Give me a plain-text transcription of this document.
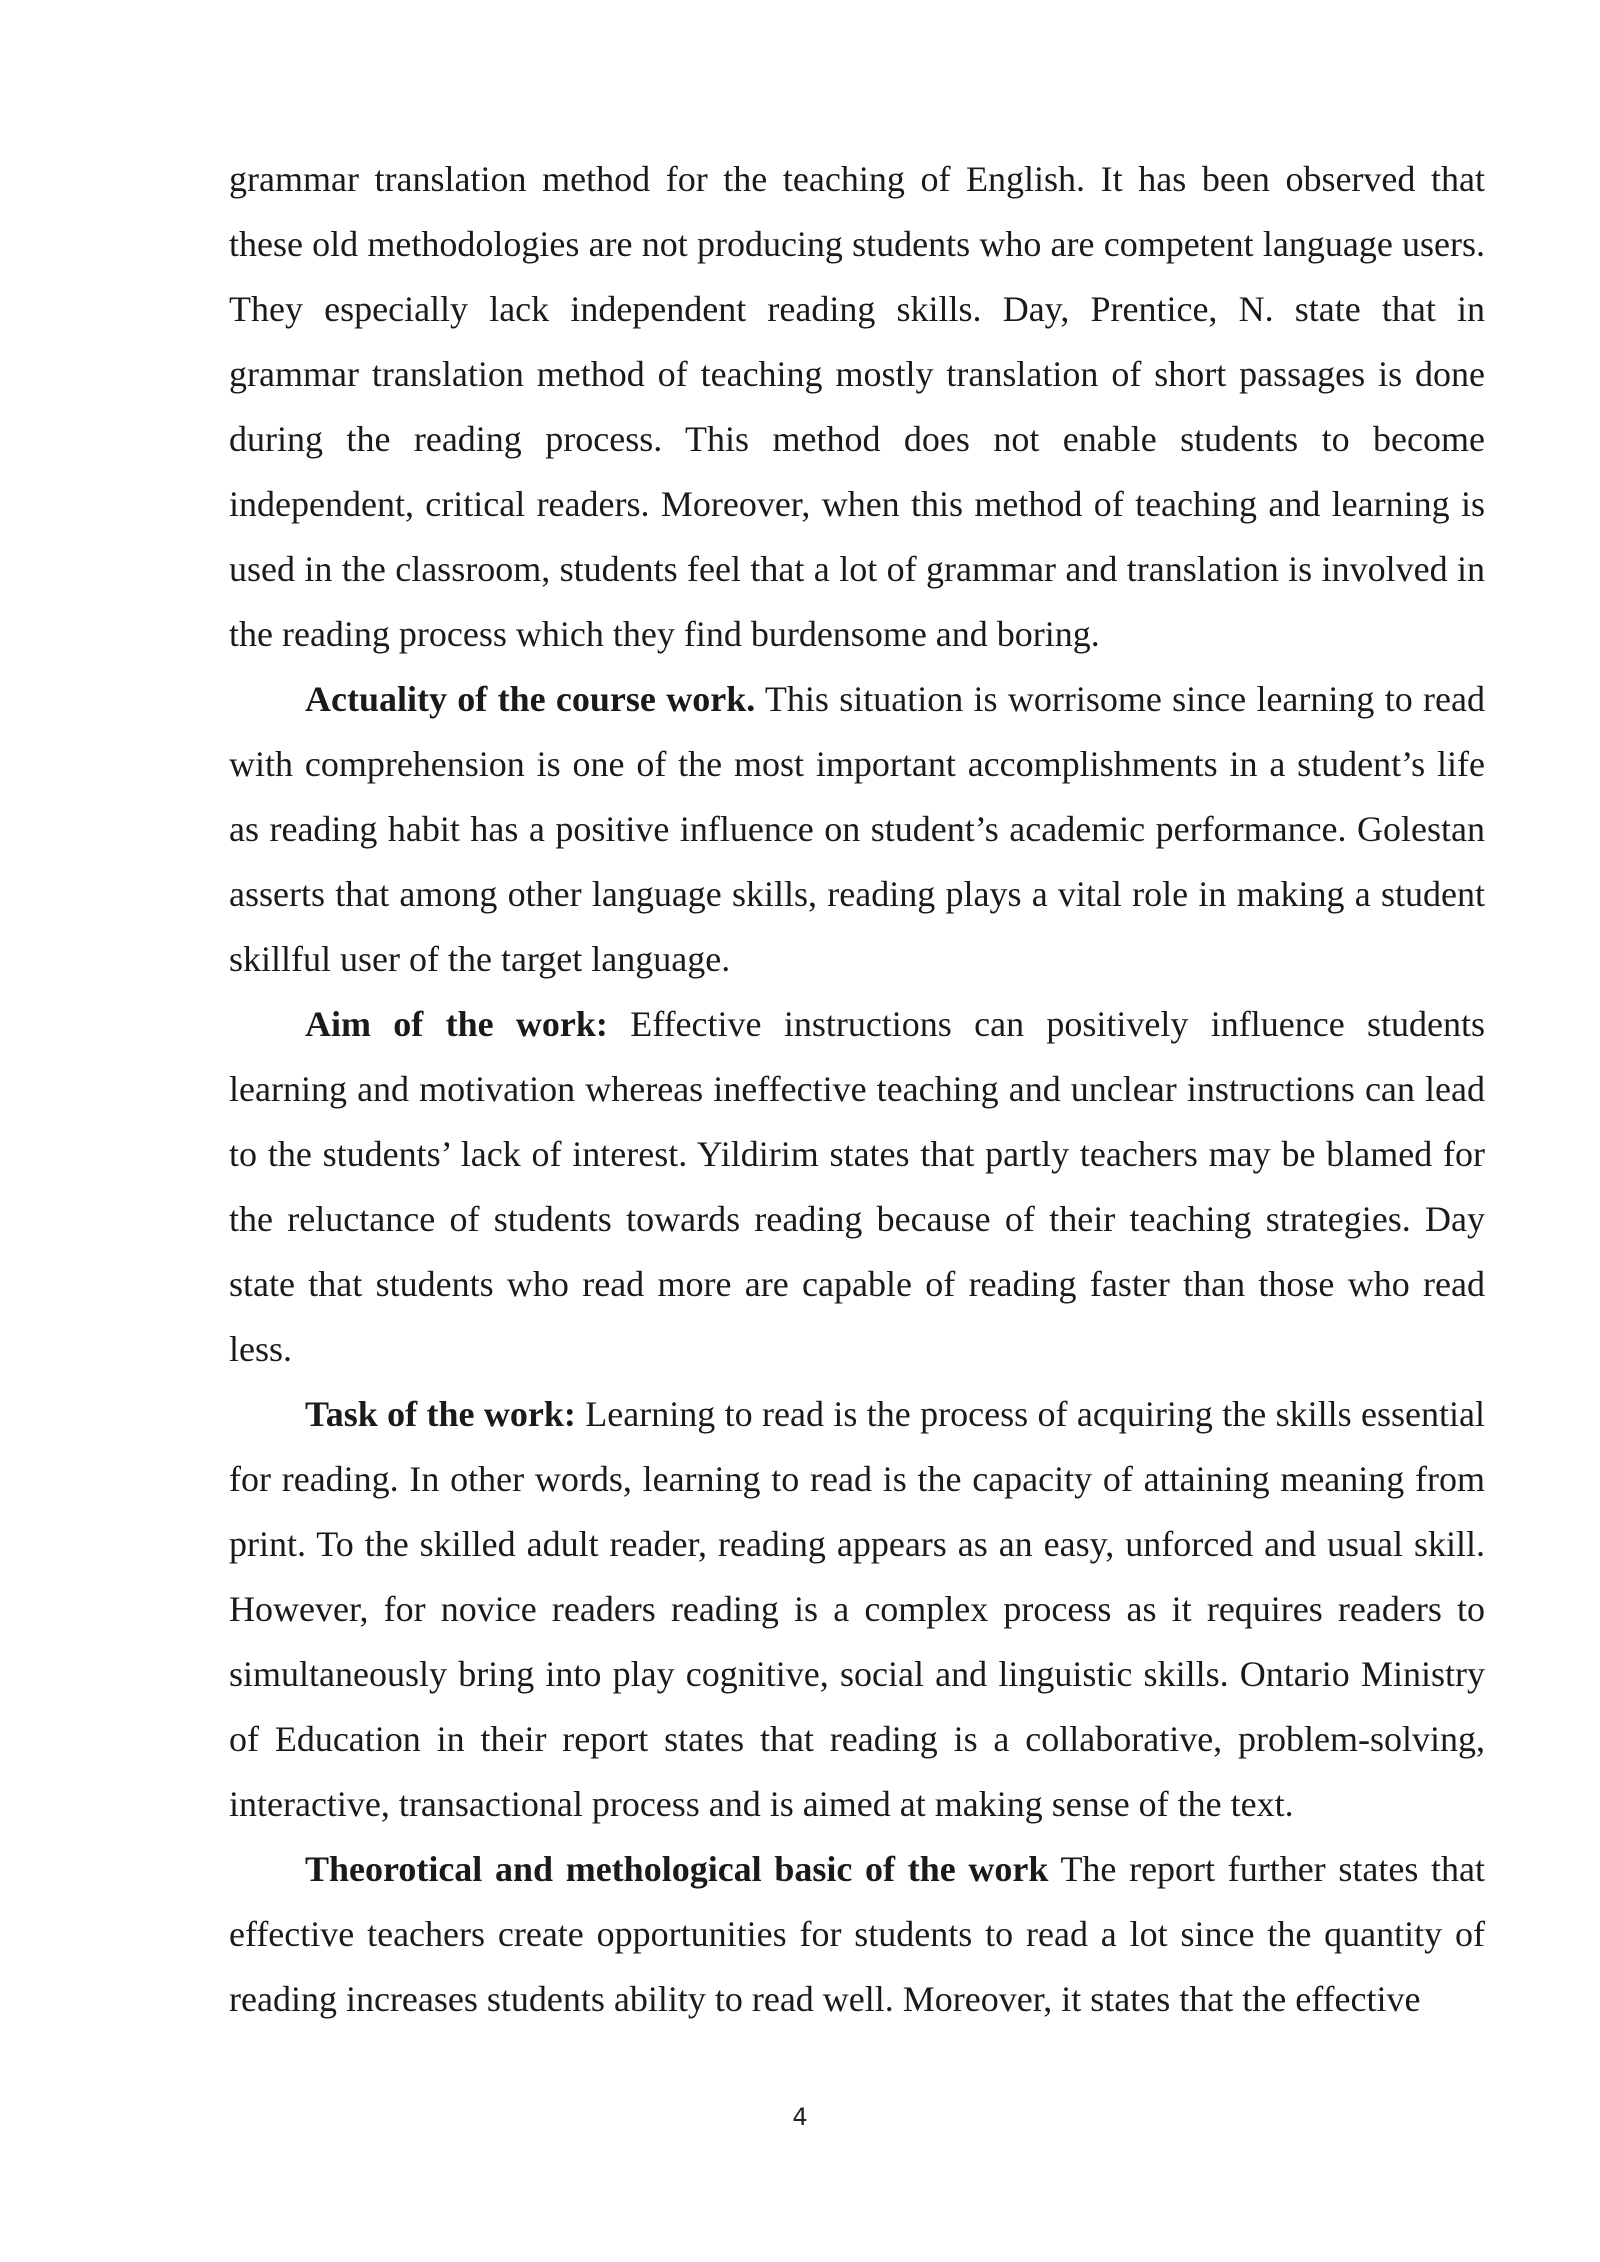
grammar translation method for the teaching of English. It has been observed that these old methodologies are not producing students who are competent language users. They especially lack independent reading skills. Day, Prentice, N. state that in grammar translation method of teaching mostly translation of short passages is done during the reading process. This method does not enable students to become independent, critical readers. Moreover, when this method of teaching and learning is used in the classroom, students feel that a lot of grammar and translation is involved in the reading process which they find burdensome and boring.

Actuality of the course work. This situation is worrisome since learning to read with comprehension is one of the most important accomplishments in a student’s life as reading habit has a positive influence on student’s academic performance. Golestan asserts that among other language skills, reading plays a vital role in making a student skillful user of the target language.

Aim of the work: Effective instructions can positively influence students learning and motivation whereas ineffective teaching and unclear instructions can lead to the students’ lack of interest. Yildirim states that partly teachers may be blamed for the reluctance of students towards reading because of their teaching strategies. Day state that students who read more are capable of reading faster than those who read less.

Task of the work: Learning to read is the process of acquiring the skills essential for reading. In other words, learning to read is the capacity of attaining meaning from print. To the skilled adult reader, reading appears as an easy, unforced and usual skill. However, for novice readers reading is a complex process as it requires readers to simultaneously bring into play cognitive, social and linguistic skills. Ontario Ministry of Education in their report states that reading is a collaborative, problem-solving, interactive, transactional process and is aimed at making sense of the text.

Theorotical and methological basic of the work The report further states that effective teachers create opportunities for students to read a lot since the quantity of reading increases students ability to read well. Moreover, it states that the effective

4
